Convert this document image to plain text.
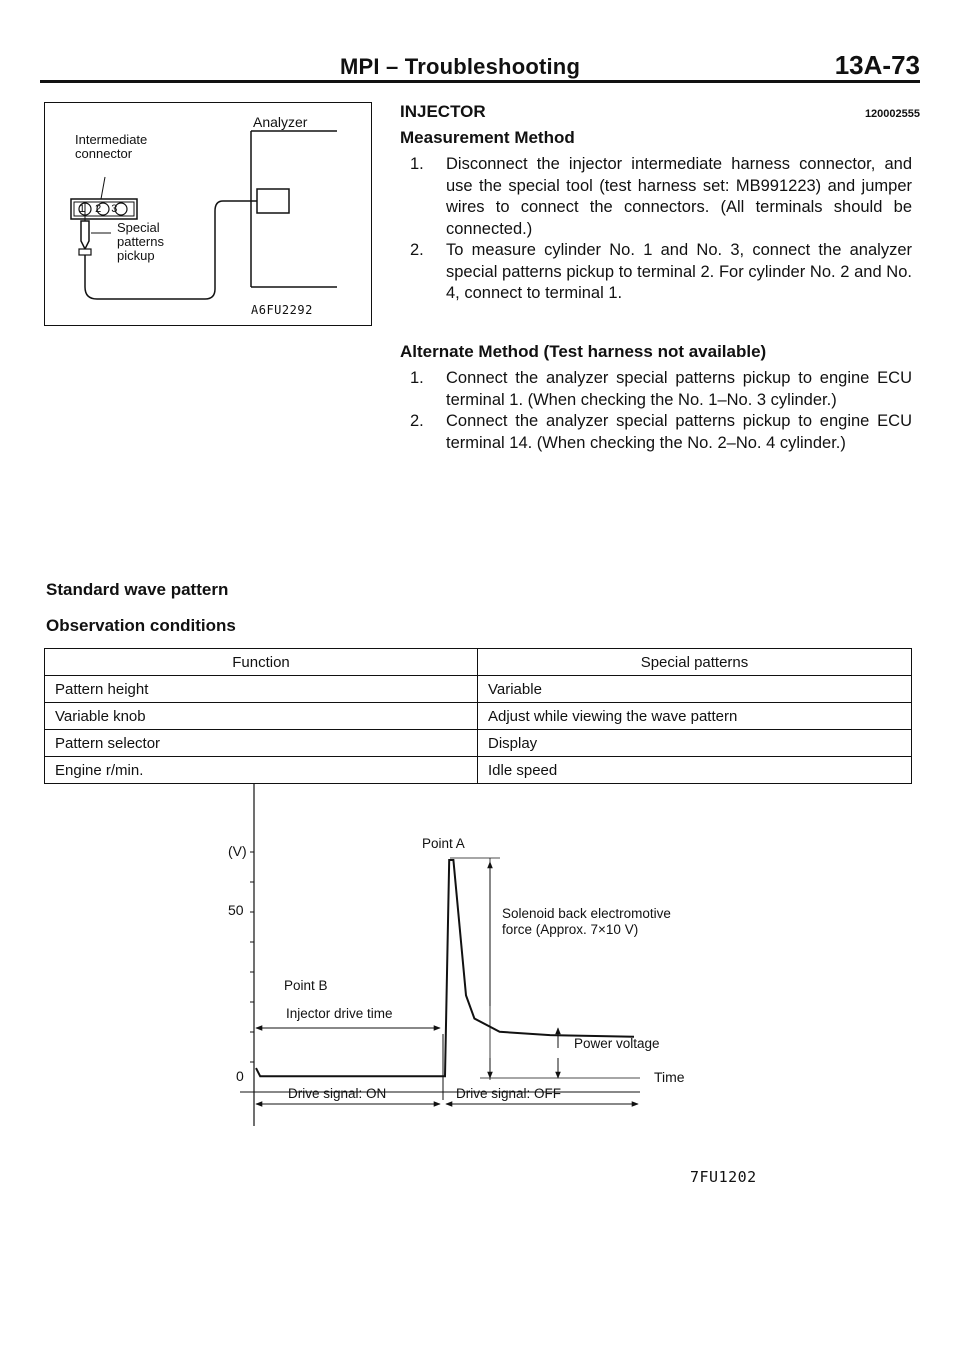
MPI – Troubleshooting	13A-73
Analyzer
Intermediate connector
123
Special
patterns
pickup
A6FU2292
INJECTOR	120002555
Measurement Method
1. Disconnect the injector intermediate harness connector, and use the special tool (test harness set: MB991223) and jumper wires to connect the connectors. (All terminals should be connected.)
2. To measure cylinder No. 1 and No. 3, connect the analyzer special patterns pickup to terminal 2. For cylinder No. 2 and No. 4, connect to terminal 1.
Alternate Method (Test harness not available)
1. Connect the analyzer special patterns pickup to engine ECU terminal 1. (When checking the No. 1–No. 3 cylinder.)
2. Connect the analyzer special patterns pickup to engine ECU terminal 14. (When checking the No. 2–No. 4 cylinder.)
Standard wave pattern
Observation conditions
Function	Special patterns
Pattern height	Variable
Variable knob	Adjust while viewing the wave pattern
Pattern selector	Display
Engine r/min.	Idle speed
(V)
50
0
Point A
Point B
Solenoid back electromotive force (Approx. 7×10 V)
Injector drive time
Power voltage
Time
Drive signal: ON	Drive signal: OFF
7FU1202
